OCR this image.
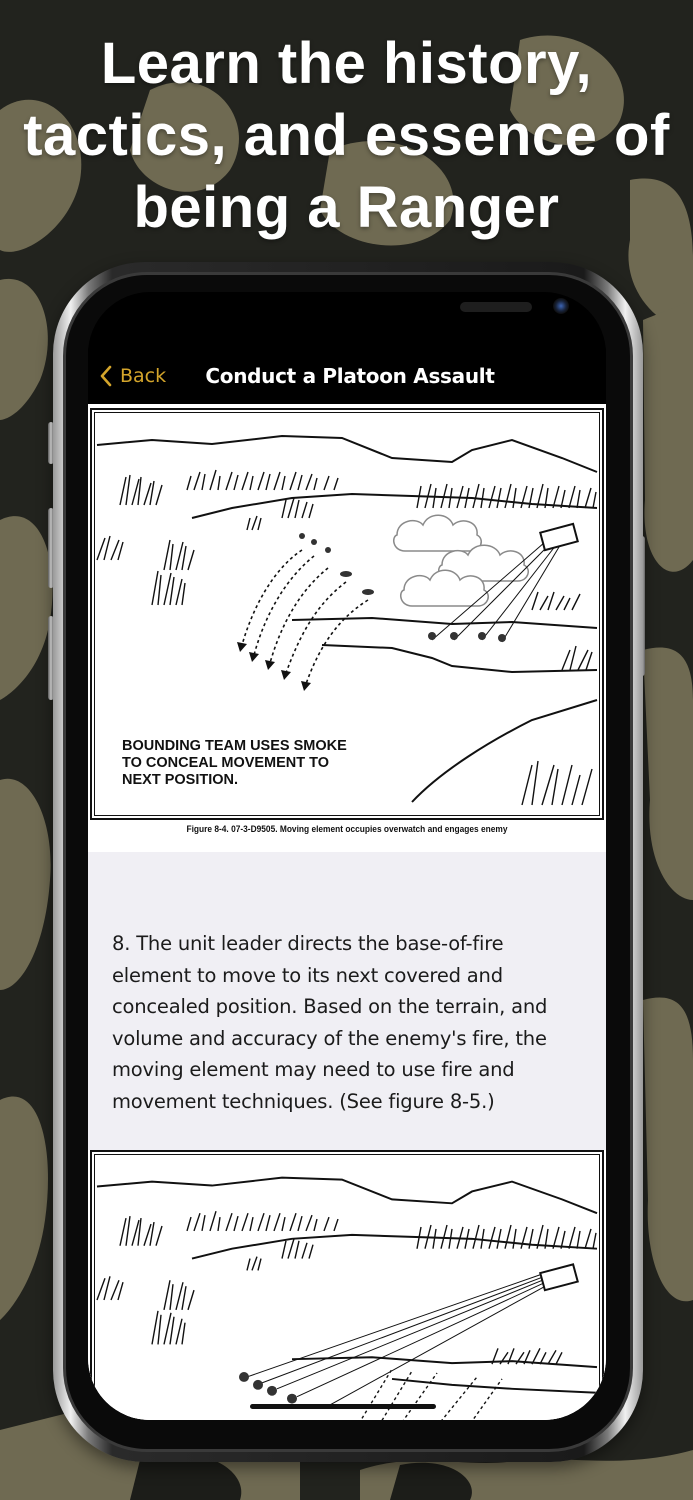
Learn the history,
tactics, and essence of
being a Ranger
Back	Conduct a Platoon Assault
BOUNDING TEAM USES SMOKE
TO CONCEAL MOVEMENT TO
NEXT POSITION.
Figure 8-4. 07-3-D9505. Moving element occupies overwatch and engages enemy
8. The unit leader directs the base-of-fire
element to move to its next covered and
concealed position. Based on the terrain, and
volume and accuracy of the enemy's fire, the
moving element may need to use fire and
movement techniques. (See figure 8-5.)
